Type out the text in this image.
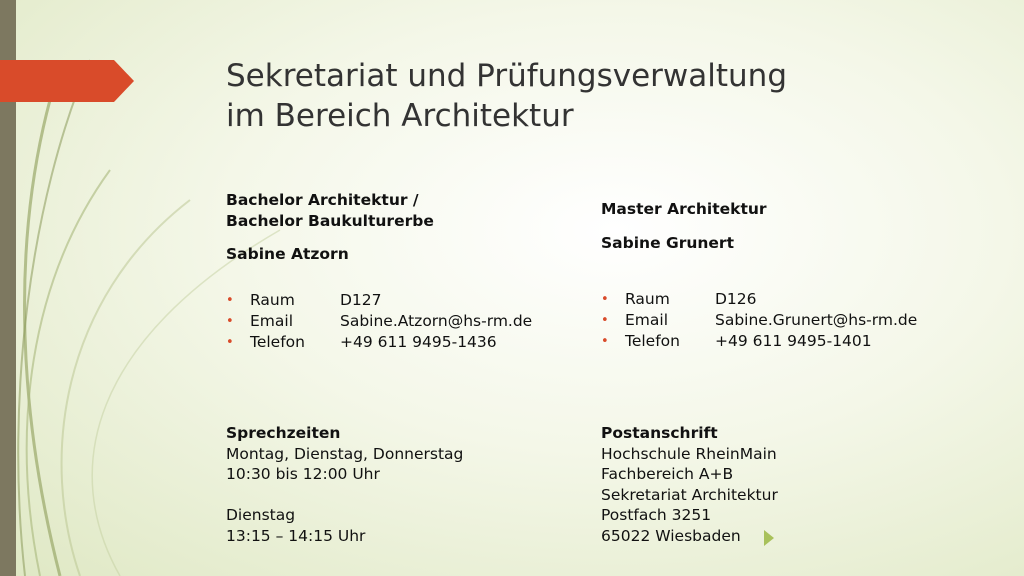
Sekretariat und Prüfungsverwaltung
im Bereich Architektur
Bachelor Architektur /
Bachelor Baukulturerbe
Sabine Atzorn
• Raum	D127
• Email	Sabine.Atzorn@hs-rm.de
• Telefon +49 611 9495-1436
Sprechzeiten
Montag, Dienstag, Donnerstag
10:30 bis 12:00 Uhr
Dienstag
13:15 – 14:15 Uhr
Master Architektur
Sabine Grunert
• Raum	D126
• Email	Sabine.Grunert@hs-rm.de
• Telefon +49 611 9495-1401
Postanschrift
Hochschule RheinMain
Fachbereich A+B
Sekretariat Architektur
Postfach 3251
65022 Wiesbaden
